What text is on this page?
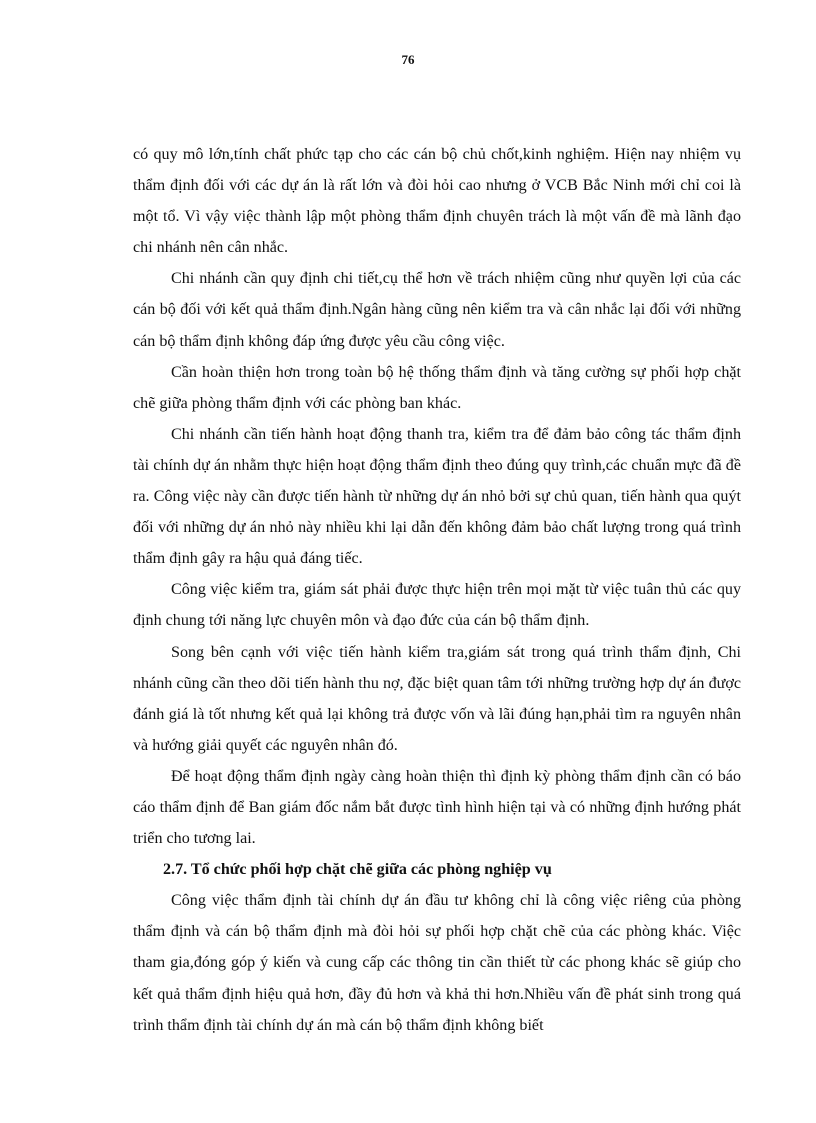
76

có quy mô lớn,tính chất phức tạp cho các cán bộ chủ chốt,kinh nghiệm. Hiện nay nhiệm vụ thẩm định đối với các dự án là rất lớn và đòi hỏi cao nhưng ở VCB Bắc Ninh mới chỉ coi là một tổ. Vì vậy việc thành lập một phòng thẩm định chuyên trách là một vấn đề mà lãnh đạo chi nhánh nên cân nhắc.

Chi nhánh cần quy định chi tiết,cụ thể hơn về trách nhiệm cũng như quyền lợi của các cán bộ đối với kết quả thẩm định.Ngân hàng cũng nên kiểm tra và cân nhắc lại đối với những cán bộ thẩm định không đáp ứng được yêu cầu công việc.

Cần hoàn thiện hơn trong toàn bộ hệ thống thẩm định và tăng cường sự phối hợp chặt chẽ giữa phòng thẩm định với các phòng ban khác.

Chi nhánh cần tiến hành hoạt động thanh tra, kiểm tra để đảm bảo công tác thẩm định tài chính dự án nhằm thực hiện hoạt động thẩm định theo đúng quy trình,các chuẩn mực đã đề ra. Công việc này cần được tiến hành từ những dự án nhỏ bởi sự chủ quan, tiến hành qua quýt đối với những dự án nhỏ này nhiều khi lại dẫn đến không đảm bảo chất lượng trong quá trình thẩm định gây ra hậu quả đáng tiếc.

Công việc kiểm tra, giám sát phải được thực hiện trên mọi mặt từ việc tuân thủ các quy định chung tới năng lực chuyên môn và đạo đức của cán bộ thẩm định.

Song bên cạnh với việc tiến hành kiểm tra,giám sát trong quá trình thẩm định, Chi nhánh cũng cần theo dõi tiến hành thu nợ, đặc biệt quan tâm tới những trường hợp dự án được đánh giá là tốt nhưng kết quả lại không trả được vốn và lãi đúng hạn,phải tìm ra nguyên nhân và hướng giải quyết các nguyên nhân đó.

Để hoạt động thẩm định ngày càng hoàn thiện thì định kỳ phòng thẩm định cần có báo cáo thẩm định để Ban giám đốc nắm bắt được tình hình hiện tại và có những định hướng phát triển cho tương lai.

2.7. Tổ chức phối hợp chặt chẽ giữa các phòng nghiệp vụ

Công việc thẩm định tài chính dự án đầu tư không chỉ là công việc riêng của phòng thẩm định và cán bộ thẩm định mà đòi hỏi sự phối hợp chặt chẽ của các phòng khác. Việc tham gia,đóng góp ý kiến và cung cấp các thông tin cần thiết từ các phong khác sẽ giúp cho kết quả thẩm định hiệu quả hơn, đầy đủ hơn và khả thi hơn.Nhiều vấn đề phát sinh trong quá trình thẩm định tài chính dự án mà cán bộ thẩm định không biết
